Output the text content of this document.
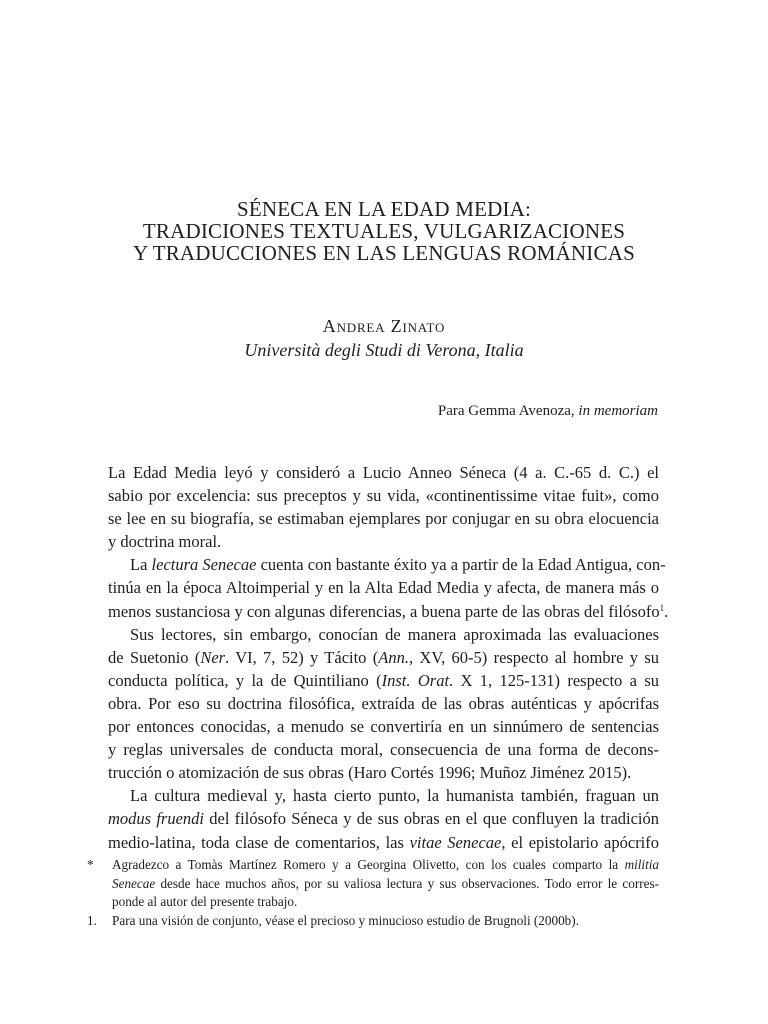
SÉNECA EN LA EDAD MEDIA:
TRADICIONES TEXTUALES, VULGARIZACIONES
Y TRADUCCIONES EN LAS LENGUAS ROMÁNICAS
Andrea Zinato
Università degli Studi di Verona, Italia
Para Gemma Avenoza, in memoriam
La Edad Media leyó y consideró a Lucio Anneo Séneca (4 a. C.-65 d. C.) el
sabio por excelencia: sus preceptos y su vida, «continentissime vitae fuit», como
se lee en su biografía, se estimaban ejemplares por conjugar en su obra elocuencia
y doctrina moral.
La lectura Senecae cuenta con bastante éxito ya a partir de la Edad Antigua, con-
tinúa en la época Altoimperial y en la Alta Edad Media y afecta, de manera más o
menos sustanciosa y con algunas diferencias, a buena parte de las obras del filósofo$^1$.
Sus lectores, sin embargo, conocían de manera aproximada las evaluaciones
de Suetonio (Ner. VI, 7, 52) y Tácito (Ann., XV, 60-5) respecto al hombre y su
conducta política, y la de Quintiliano (Inst. Orat. X 1, 125-131) respecto a su
obra. Por eso su doctrina filosófica, extraída de las obras auténticas y apócrifas
por entonces conocidas, a menudo se convertiría en un sinnúmero de sentencias
y reglas universales de conducta moral, consecuencia de una forma de decons-
trucción o atomización de sus obras (Haro Cortés 1996; Muñoz Jiménez 2015).
La cultura medieval y, hasta cierto punto, la humanista también, fraguan un
modus fruendi del filósofo Séneca y de sus obras en el que confluyen la tradición
medio-latina, toda clase de comentarios, las vitae Senecae, el epistolario apócrifo
*	Agradezco a Tomàs Martínez Romero y a Georgina Olivetto, con los cuales comparto la militia
Senecae desde hace muchos años, por su valiosa lectura y sus observaciones. Todo error le corres-
ponde al autor del presente trabajo.
1.	Para una visión de conjunto, véase el precioso y minucioso estudio de Brugnoli (2000b).
